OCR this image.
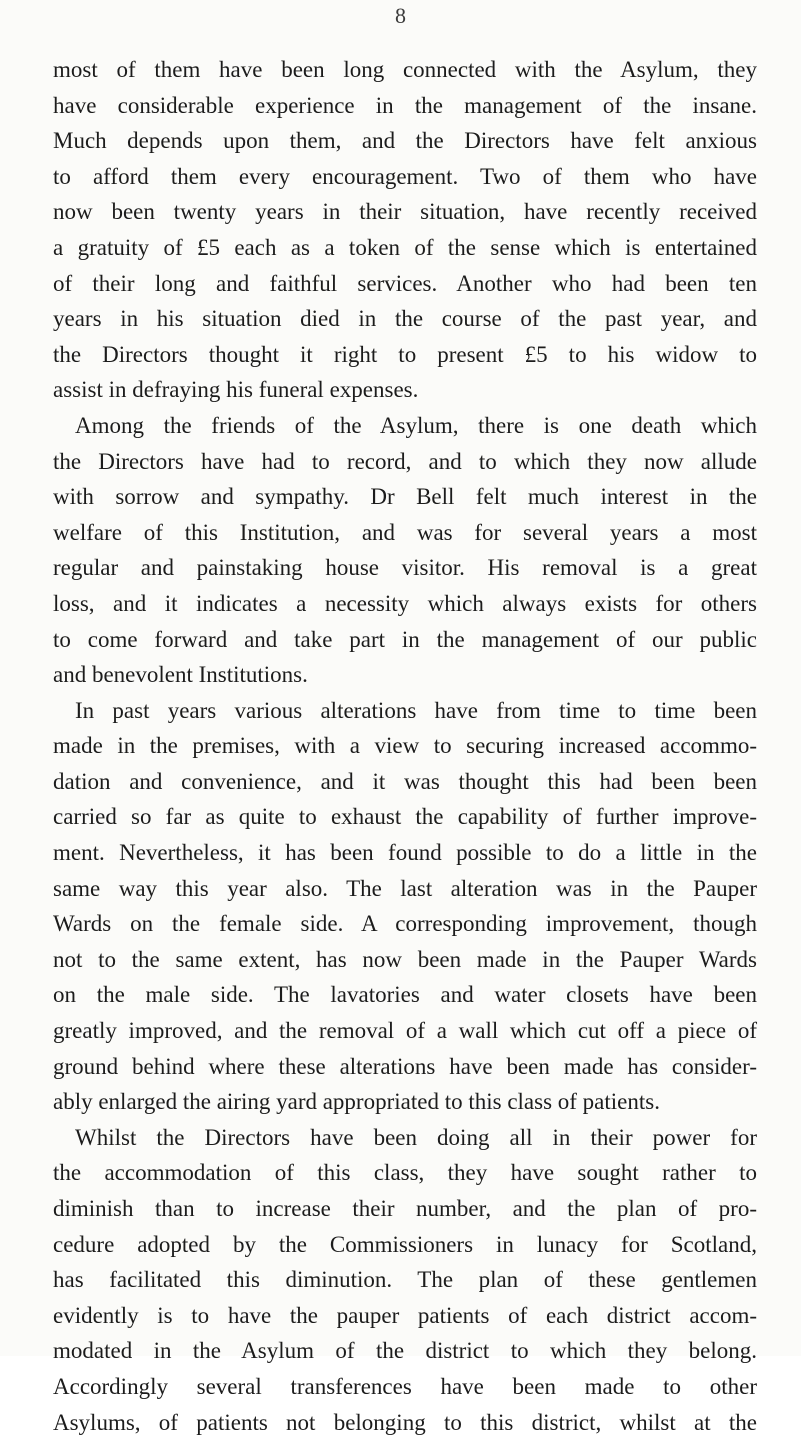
8
most of them have been long connected with the Asylum, they
have considerable experience in the management of the insane.
Much depends upon them, and the Directors have felt anxious
to afford them every encouragement. Two of them who have
now been twenty years in their situation, have recently received
a gratuity of £5 each as a token of the sense which is entertained
of their long and faithful services. Another who had been ten
years in his situation died in the course of the past year, and
the Directors thought it right to present £5 to his widow to
assist in defraying his funeral expenses.
Among the friends of the Asylum, there is one death which
the Directors have had to record, and to which they now allude
with sorrow and sympathy. Dr Bell felt much interest in the
welfare of this Institution, and was for several years a most
regular and painstaking house visitor. His removal is a great
loss, and it indicates a necessity which always exists for others
to come forward and take part in the management of our public
and benevolent Institutions.
In past years various alterations have from time to time been
made in the premises, with a view to securing increased accommo-
dation and convenience, and it was thought this had been been
carried so far as quite to exhaust the capability of further improve-
ment. Nevertheless, it has been found possible to do a little in the
same way this year also. The last alteration was in the Pauper
Wards on the female side. A corresponding improvement, though
not to the same extent, has now been made in the Pauper Wards
on the male side. The lavatories and water closets have been
greatly improved, and the removal of a wall which cut off a piece of
ground behind where these alterations have been made has consider-
ably enlarged the airing yard appropriated to this class of patients.
Whilst the Directors have been doing all in their power for
the accommodation of this class, they have sought rather to
diminish than to increase their number, and the plan of pro-
cedure adopted by the Commissioners in lunacy for Scotland,
has facilitated this diminution. The plan of these gentlemen
evidently is to have the pauper patients of each district accom-
modated in the Asylum of the district to which they belong.
Accordingly several transferences have been made to other
Asylums, of patients not belonging to this district, whilst at the
